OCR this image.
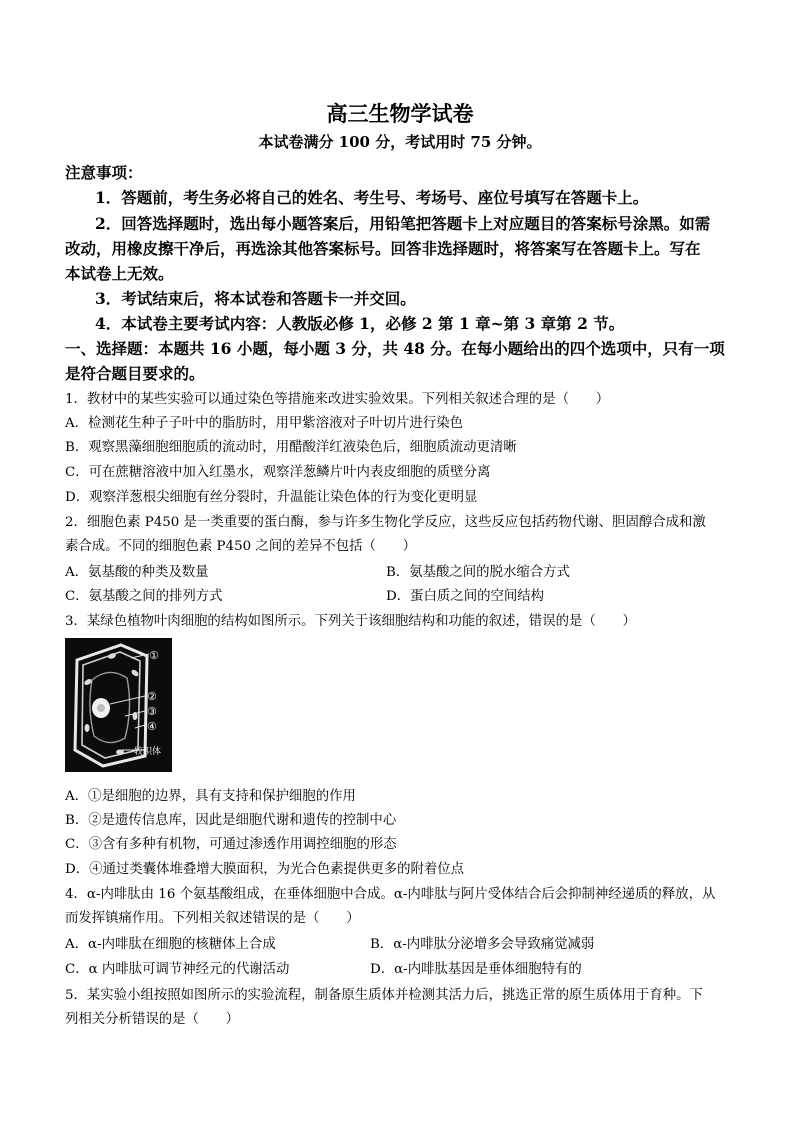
高三生物学试卷
本试卷满分 100 分，考试用时 75 分钟。
注意事项：
1．答题前，考生务必将自己的姓名、考生号、考场号、座位号填写在答题卡上。
2．回答选择题时，选出每小题答案后，用铅笔把答题卡上对应题目的答案标号涂黑。如需
改动，用橡皮擦干净后，再选涂其他答案标号。回答非选择题时，将答案写在答题卡上。写在
本试卷上无效。
3．考试结束后，将本试卷和答题卡一并交回。
4．本试卷主要考试内容：人教版必修 1，必修 2 第 1 章~第 3 章第 2 节。
一、选择题：本题共 16 小题，每小题 3 分，共 48 分。在每小题给出的四个选项中，只有一项
是符合题目要求的。
1．教材中的某些实验可以通过染色等措施来改进实验效果。下列相关叙述合理的是（　　）
A．检测花生种子子叶中的脂肪时，用甲紫溶液对子叶切片进行染色
B．观察黑藻细胞细胞质的流动时，用醋酸洋红液染色后，细胞质流动更清晰
C．可在蔗糖溶液中加入红墨水，观察洋葱鳞片叶内表皮细胞的质壁分离
D．观察洋葱根尖细胞有丝分裂时，升温能让染色体的行为变化更明显
2．细胞色素 P450 是一类重要的蛋白酶，参与许多生物化学反应，这些反应包括药物代谢、胆固醇合成和激
素合成。不同的细胞色素 P450 之间的差异不包括（　　）
A．氨基酸的种类及数量	B．氨基酸之间的脱水缩合方式
C．氨基酸之间的排列方式	D．蛋白质之间的空间结构
3．某绿色植物叶肉细胞的结构如图所示。下列关于该细胞结构和功能的叙述，错误的是（　　）
①
②
③
④
一较积体
A．①是细胞的边界，具有支持和保护细胞的作用
B．②是遗传信息库，因此是细胞代谢和遗传的控制中心
C．③含有多种有机物，可通过渗透作用调控细胞的形态
D．④通过类囊体堆叠增大膜面积，为光合色素提供更多的附着位点
4．α-内啡肽由 16 个氨基酸组成，在垂体细胞中合成。α-内啡肽与阿片受体结合后会抑制神经递质的释放，从
而发挥镇痛作用。下列相关叙述错误的是（　　）
A．α-内啡肽在细胞的核糖体上合成	B．α-内啡肽分泌增多会导致痛觉减弱
C．α 内啡肽可调节神经元的代谢活动	D．α-内啡肽基因是垂体细胞特有的
5．某实验小组按照如图所示的实验流程，制备原生质体并检测其活力后，挑选正常的原生质体用于育种。下
列相关分析错误的是（　　）
